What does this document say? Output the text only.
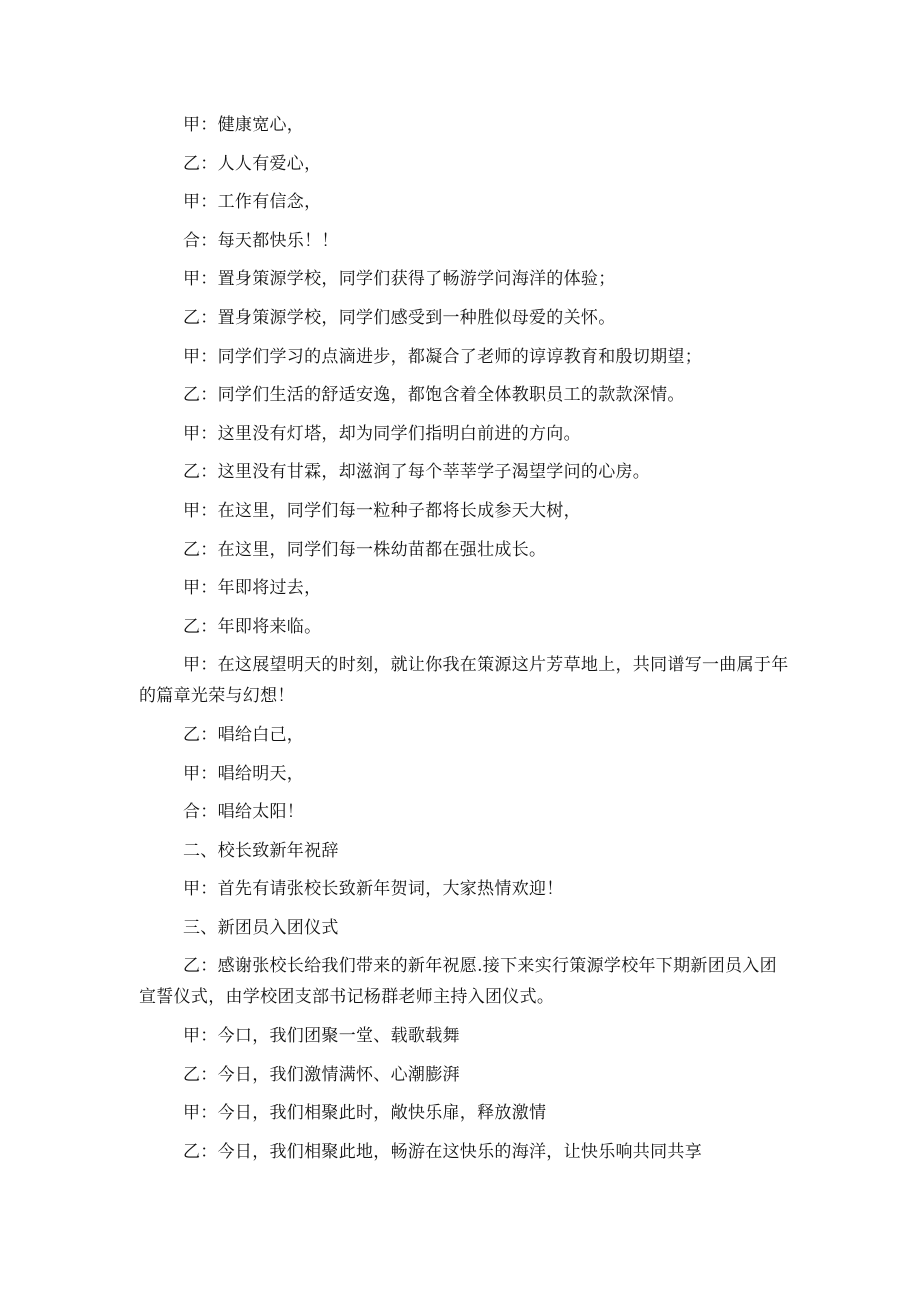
甲：健康宽心，
乙：人人有爱心，
甲：工作有信念，
合：每天都快乐！！
甲：置身策源学校，同学们获得了畅游学问海洋的体验；
乙：置身策源学校，同学们感受到一种胜似母爱的关怀。
甲：同学们学习的点滴进步，都凝合了老师的谆谆教育和殷切期望；
乙：同学们生活的舒适安逸，都饱含着全体教职员工的款款深情。
甲：这里没有灯塔，却为同学们指明白前进的方向。
乙：这里没有甘霖，却滋润了每个莘莘学子渴望学问的心房。
甲：在这里，同学们每一粒种子都将长成参天大树，
乙：在这里，同学们每一株幼苗都在强壮成长。
甲：年即将过去，
乙：年即将来临。
甲：在这展望明天的时刻，就让你我在策源这片芳草地上，共同谱写一曲属于年的篇章光荣与幻想！
乙：唱给白己，
甲：唱给明天，
合：唱给太阳！
二、校长致新年祝辞
甲：首先有请张校长致新年贺词，大家热情欢迎！
三、新团员入团仪式
乙：感谢张校长给我们带来的新年祝愿.接下来实行策源学校年下期新团员入团宣誓仪式，由学校团支部书记杨群老师主持入团仪式。
甲：今口，我们团聚一堂、载歌载舞
乙：今日，我们激情满怀、心潮膨湃
甲：今日，我们相聚此时，敞快乐扉，释放激情
乙：今日，我们相聚此地，畅游在这快乐的海洋，让快乐响共同共享
